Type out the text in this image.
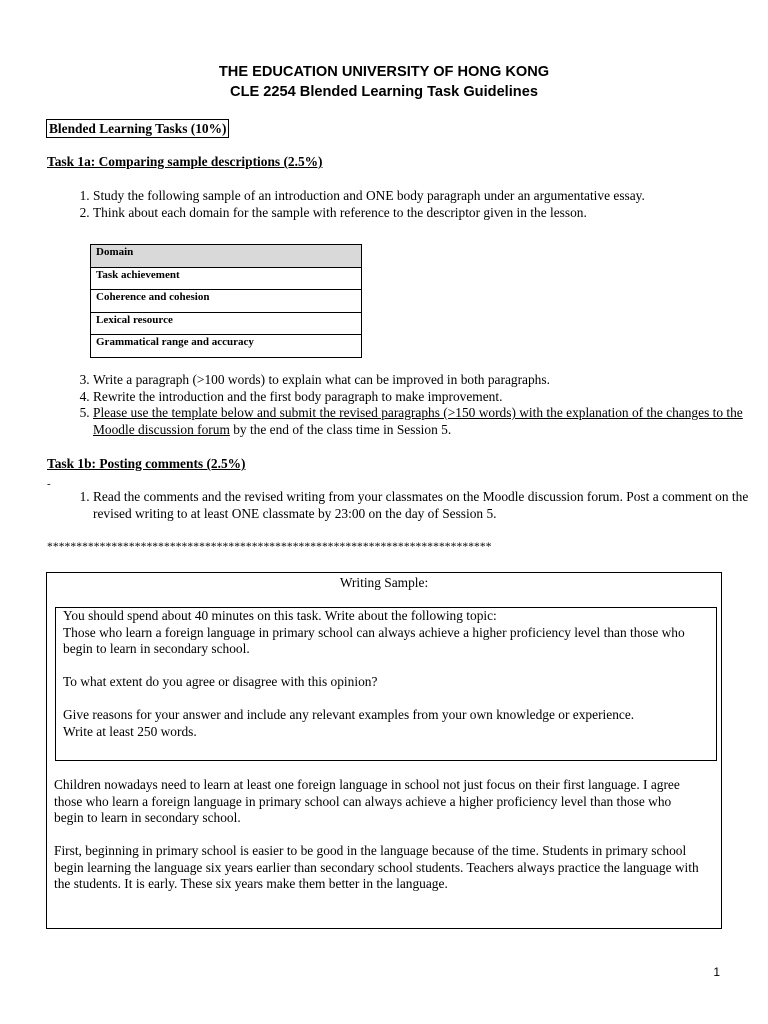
THE EDUCATION UNIVERSITY OF HONG KONG
CLE 2254 Blended Learning Task Guidelines
Blended Learning Tasks (10%)
Task 1a: Comparing sample descriptions (2.5%)
1. Study the following sample of an introduction and ONE body paragraph under an argumentative essay.
2. Think about each domain for the sample with reference to the descriptor given in the lesson.
Domain
Task achievement
Coherence and cohesion
Lexical resource
Grammatical range and accuracy
3. Write a paragraph (>100 words) to explain what can be improved in both paragraphs.
4. Rewrite the introduction and the first body paragraph to make improvement.
5. Please use the template below and submit the revised paragraphs (>150 words) with the explanation of the changes to the Moodle discussion forum by the end of the class time in Session 5.
Task 1b: Posting comments (2.5%)
-
1. Read the comments and the revised writing from your classmates on the Moodle discussion forum. Post a comment on the revised writing to at least ONE classmate by 23:00 on the day of Session 5.
****************************************************************************
Writing Sample:

You should spend about 40 minutes on this task. Write about the following topic:

Those who learn a foreign language in primary school can always achieve a higher proficiency level than those who begin to learn in secondary school.

To what extent do you agree or disagree with this opinion?

Give reasons for your answer and include any relevant examples from your own knowledge or experience.

Write at least 250 words.

Children nowadays need to learn at least one foreign language in school not just focus on their first language. I agree those who learn a foreign language in primary school can always achieve a higher proficiency level than those who begin to learn in secondary school.

First, beginning in primary school is easier to be good in the language because of the time. Students in primary school begin learning the language six years earlier than secondary school students. Teachers always practice the language with the students. It is early. These six years make them better in the language.

1
